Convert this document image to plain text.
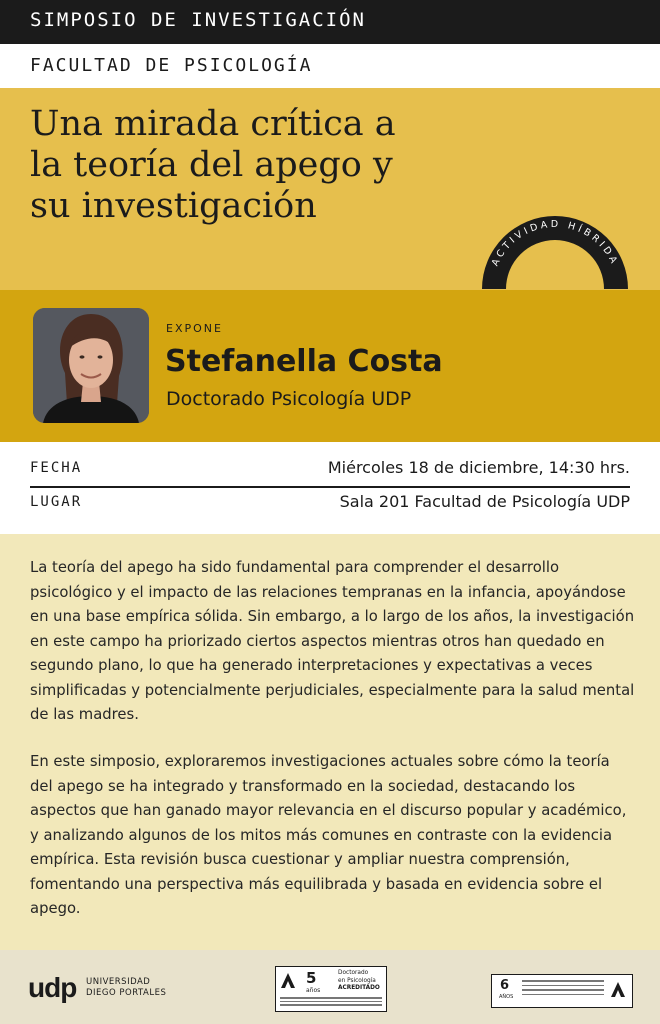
SIMPOSIO DE INVESTIGACIÓN
FACULTAD DE PSICOLOGÍA
Una mirada crítica a
la teoría del apego y
su investigación
ACTIVIDAD HÍBRIDA
EXPONE
Stefanella Costa
Doctorado Psicología UDP
FECHA	Miércoles 18 de diciembre, 14:30 hrs.
LUGAR	Sala 201 Facultad de Psicología UDP

La teoría del apego ha sido fundamental para comprender el desarrollo psicológico y el impacto de las relaciones tempranas en la infancia, apoyándose en una base empírica sólida. Sin embargo, a lo largo de los años, la investigación en este campo ha priorizado ciertos aspectos mientras otros han quedado en segundo plano, lo que ha generado interpretaciones y expectativas a veces simplificadas y potencialmente perjudiciales, especialmente para la salud mental de las madres.

En este simposio, exploraremos investigaciones actuales sobre cómo la teoría del apego se ha integrado y transformado en la sociedad, destacando los aspectos que han ganado mayor relevancia en el discurso popular y académico, y analizando algunos de los mitos más comunes en contraste con la evidencia empírica. Esta revisión busca cuestionar y ampliar nuestra comprensión, fomentando una perspectiva más equilibrada y basada en evidencia sobre el apego.

udp UNIVERSIDAD
DIEGO PORTALES
5
años
Doctorado
en Psicología
ACREDITADO	6
AÑOS
